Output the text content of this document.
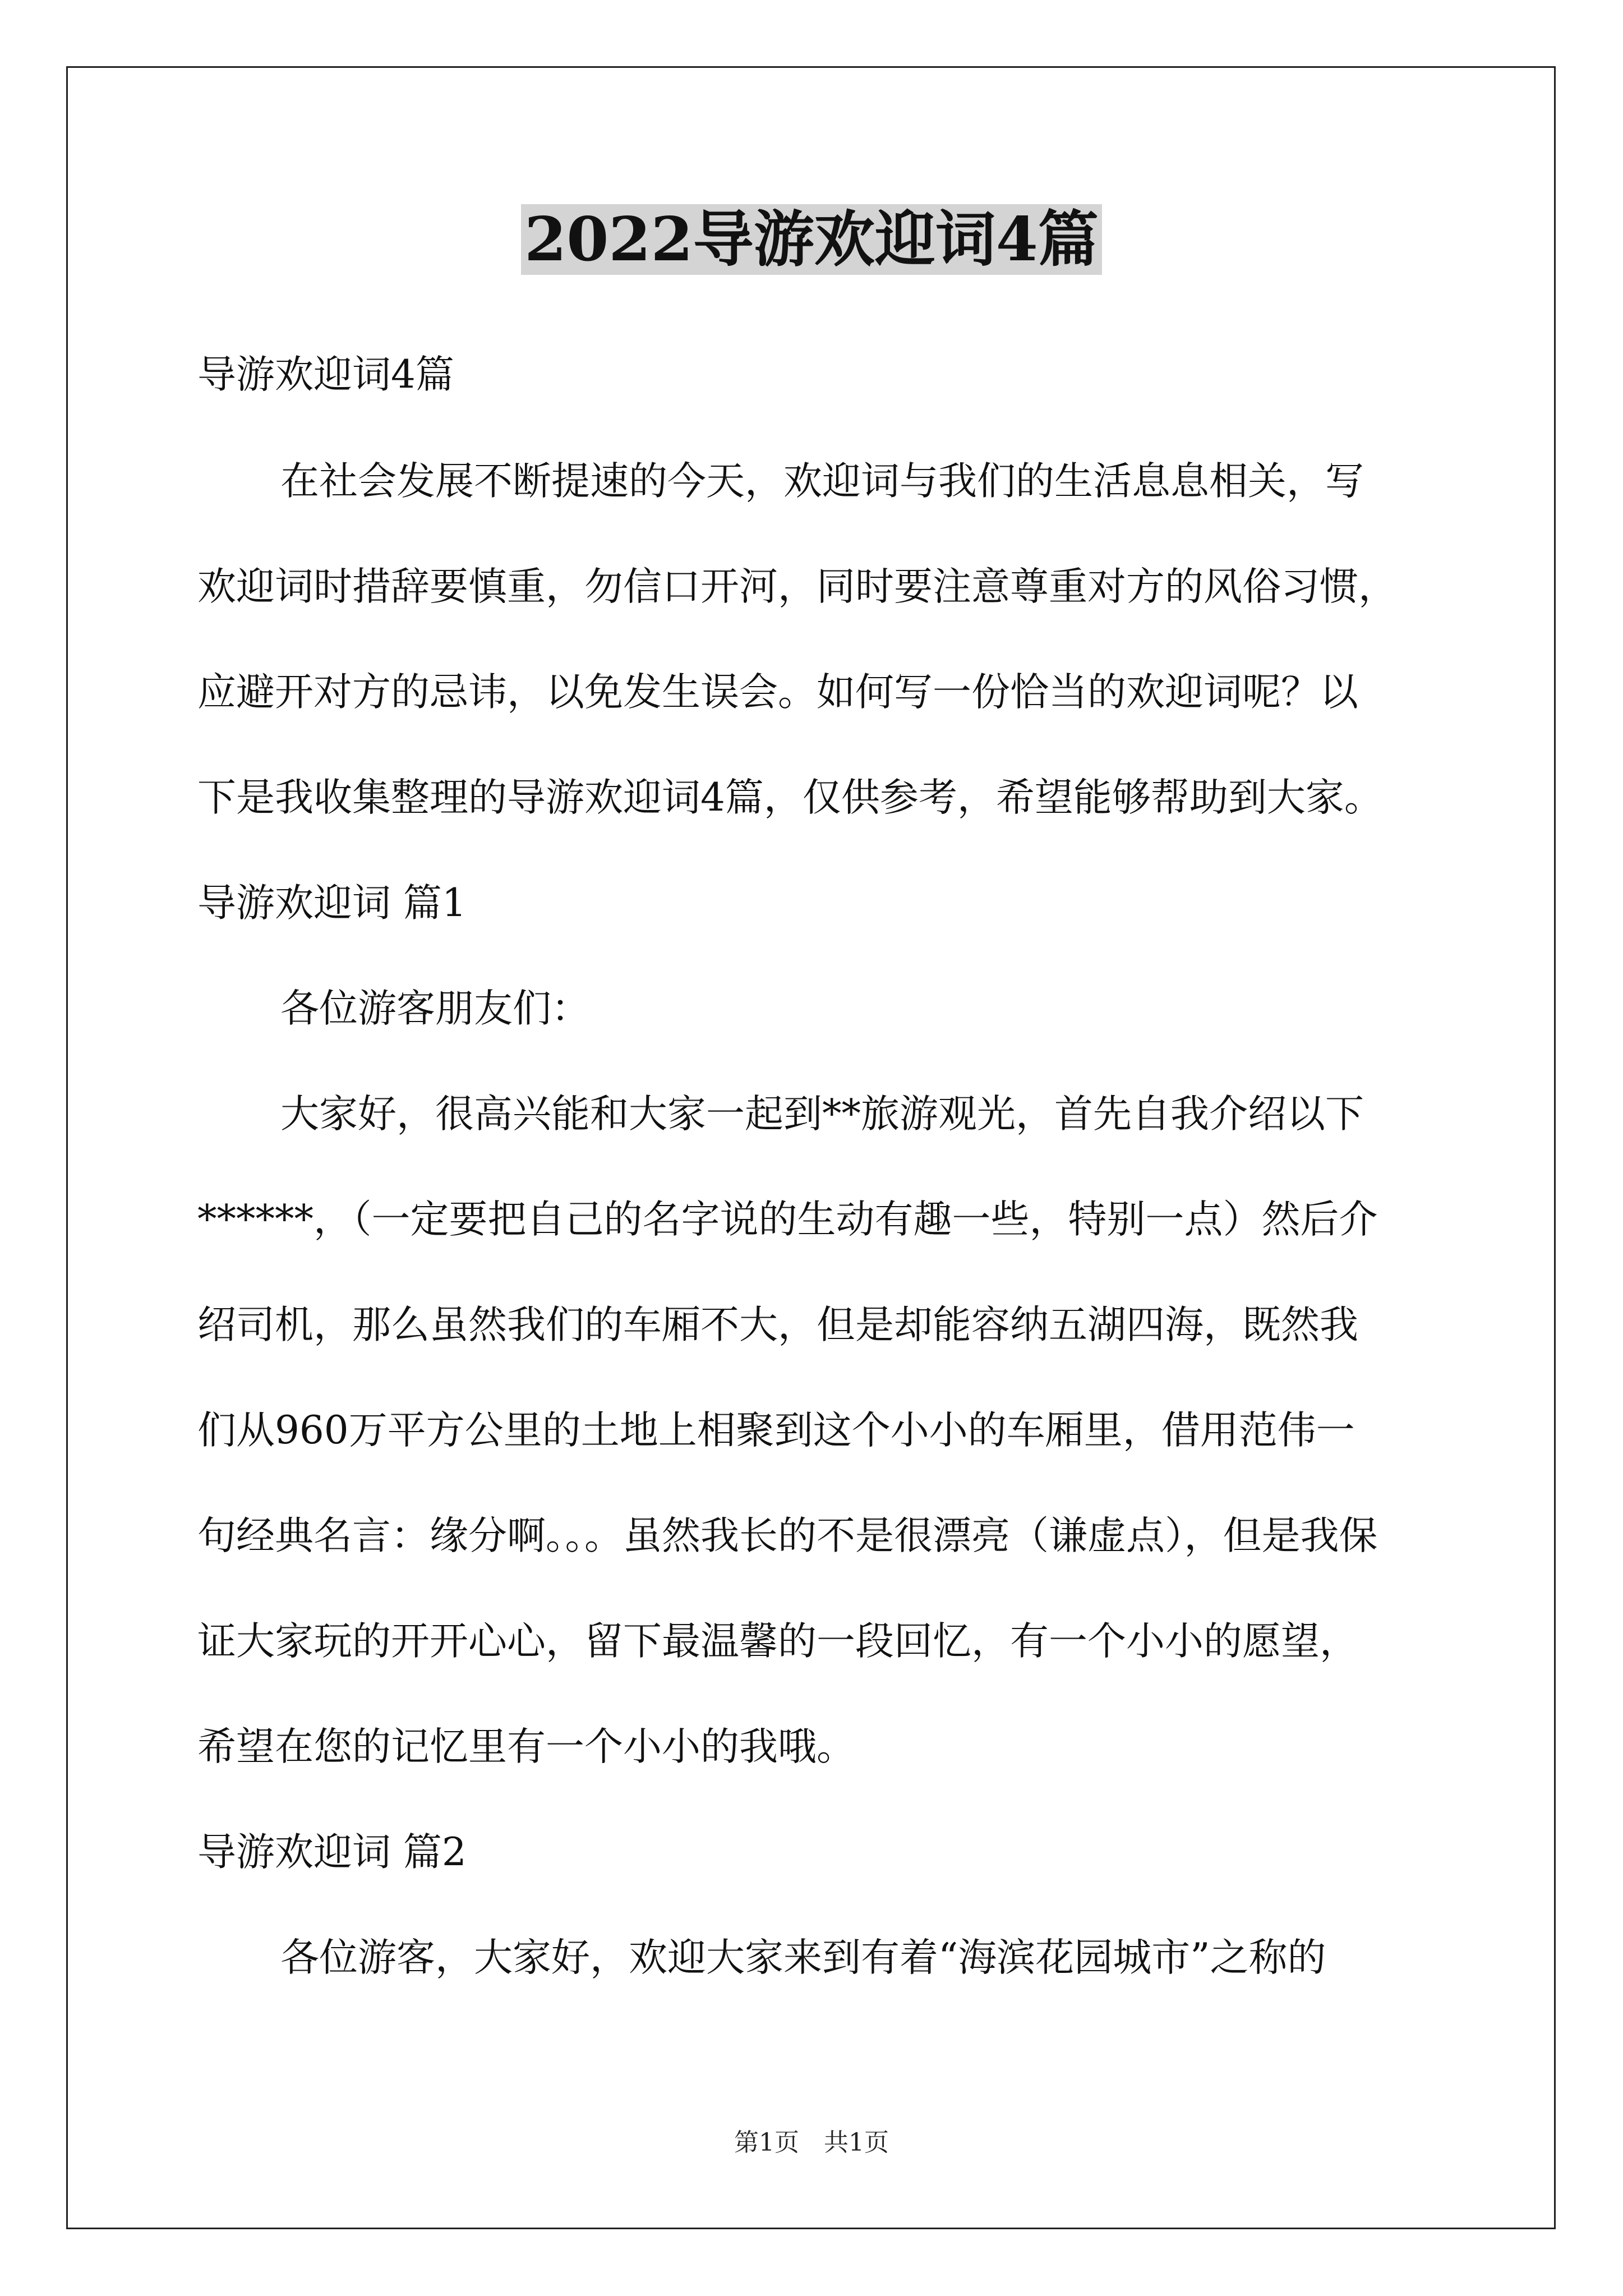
2022导游欢迎词4篇

导游欢迎词4篇

在社会发展不断提速的今天，欢迎词与我们的生活息息相关，写

欢迎词时措辞要慎重，勿信口开河，同时要注意尊重对方的风俗习惯，

应避开对方的忌讳，以免发生误会。如何写一份恰当的欢迎词呢？以

下是我收集整理的导游欢迎词4篇，仅供参考，希望能够帮助到大家。

导游欢迎词 篇1

各位游客朋友们：

大家好，很高兴能和大家一起到**旅游观光，首先自我介绍以下

******，（一定要把自己的名字说的生动有趣一些，特别一点）然后介

绍司机，那么虽然我们的车厢不大，但是却能容纳五湖四海，既然我

们从960万平方公里的土地上相聚到这个小小的车厢里，借用范伟一

句经典名言：缘分啊。。。虽然我长的不是很漂亮（谦虚点），但是我保

证大家玩的开开心心，留下最温馨的一段回忆，有一个小小的愿望，

希望在您的记忆里有一个小小的我哦。

导游欢迎词 篇2

各位游客，大家好，欢迎大家来到有着“海滨花园城市”之称的

第1页 共1页
